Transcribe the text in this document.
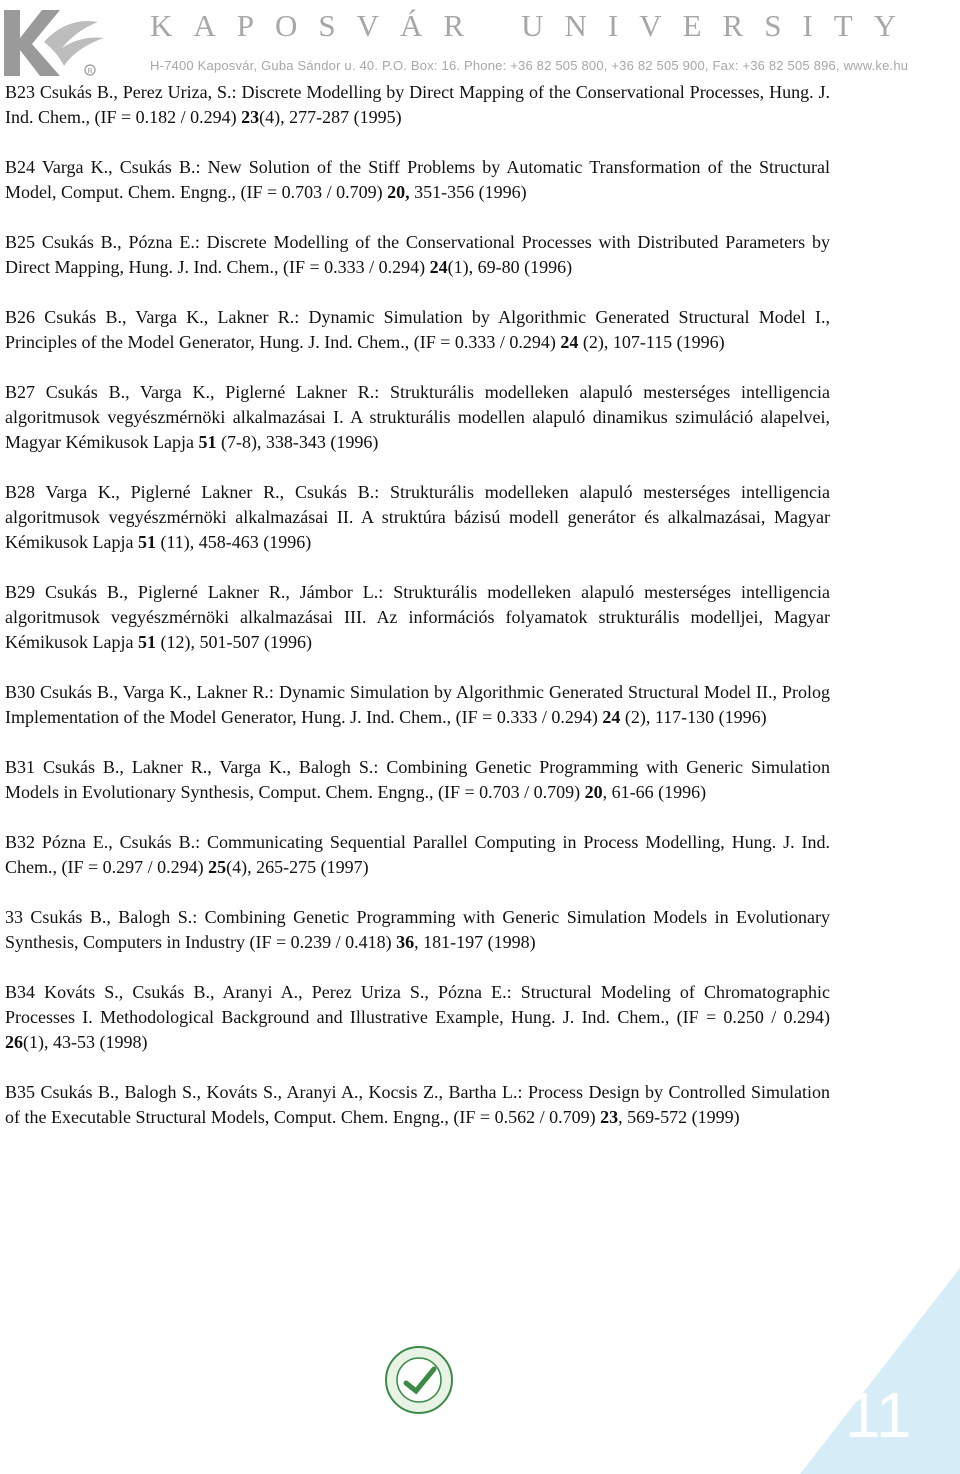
R
KAPOSVÁR UNIVERSITY
H-7400 Kaposvár, Guba Sándor u. 40. P.O. Box: 16. Phone: +36 82 505 800, +36 82 505 900, Fax: +36 82 505 896, www.ke.hu

B23 Csukás B., Perez Uriza, S.: Discrete Modelling by Direct Mapping of the Conservational Processes, Hung. J. Ind. Chem., (IF = 0.182 / 0.294) 23(4), 277-287 (1995)

B24 Varga K., Csukás B.: New Solution of the Stiff Problems by Automatic Transformation of the Structural Model, Comput. Chem. Engng., (IF = 0.703 / 0.709) 20, 351-356 (1996)

B25 Csukás B., Pózna E.: Discrete Modelling of the Conservational Processes with Distributed Parameters by Direct Mapping, Hung. J. Ind. Chem., (IF = 0.333 / 0.294) 24(1), 69-80 (1996)

B26 Csukás B., Varga K., Lakner R.: Dynamic Simulation by Algorithmic Generated Structural Model I., Principles of the Model Generator, Hung. J. Ind. Chem., (IF = 0.333 / 0.294) 24 (2), 107-115 (1996)

B27 Csukás B., Varga K., Piglerné Lakner R.: Strukturális modelleken alapuló mesterséges intelligencia algoritmusok vegyészmérnöki alkalmazásai I. A strukturális modellen alapuló dinamikus szimuláció alapelvei, Magyar Kémikusok Lapja 51 (7-8), 338-343 (1996)

B28 Varga K., Piglerné Lakner R., Csukás B.: Strukturális modelleken alapuló mesterséges intelligencia algoritmusok vegyészmérnöki alkalmazásai II. A struktúra bázisú modell generátor és alkalmazásai, Magyar Kémikusok Lapja 51 (11), 458-463 (1996)

B29 Csukás B., Piglerné Lakner R., Jámbor L.: Strukturális modelleken alapuló mesterséges intelligencia algoritmusok vegyészmérnöki alkalmazásai III. Az információs folyamatok strukturális modelljei, Magyar Kémikusok Lapja 51 (12), 501-507 (1996)

B30 Csukás B., Varga K., Lakner R.: Dynamic Simulation by Algorithmic Generated Structural Model II., Prolog Implementation of the Model Generator, Hung. J. Ind. Chem., (IF = 0.333 / 0.294) 24 (2), 117-130 (1996)

B31 Csukás B., Lakner R., Varga K., Balogh S.: Combining Genetic Programming with Generic Simulation Models in Evolutionary Synthesis, Comput. Chem. Engng., (IF = 0.703 / 0.709) 20, 61-66 (1996)

B32 Pózna E., Csukás B.: Communicating Sequential Parallel Computing in Process Modelling, Hung. J. Ind. Chem., (IF = 0.297 / 0.294) 25(4), 265-275 (1997)

33 Csukás B., Balogh S.: Combining Genetic Programming with Generic Simulation Models in Evolutionary Synthesis, Computers in Industry (IF = 0.239 / 0.418) 36, 181-197 (1998)

B34 Kováts S., Csukás B., Aranyi A., Perez Uriza S., Pózna E.: Structural Modeling of Chromatographic Processes I. Methodological Background and Illustrative Example, Hung. J. Ind. Chem., (IF = 0.250 / 0.294) 26(1), 43-53 (1998)

B35 Csukás B., Balogh S., Kováts S., Aranyi A., Kocsis Z., Bartha L.: Process Design by Controlled Simulation of the Executable Structural Models, Comput. Chem. Engng., (IF = 0.562 / 0.709) 23, 569-572 (1999)

11
